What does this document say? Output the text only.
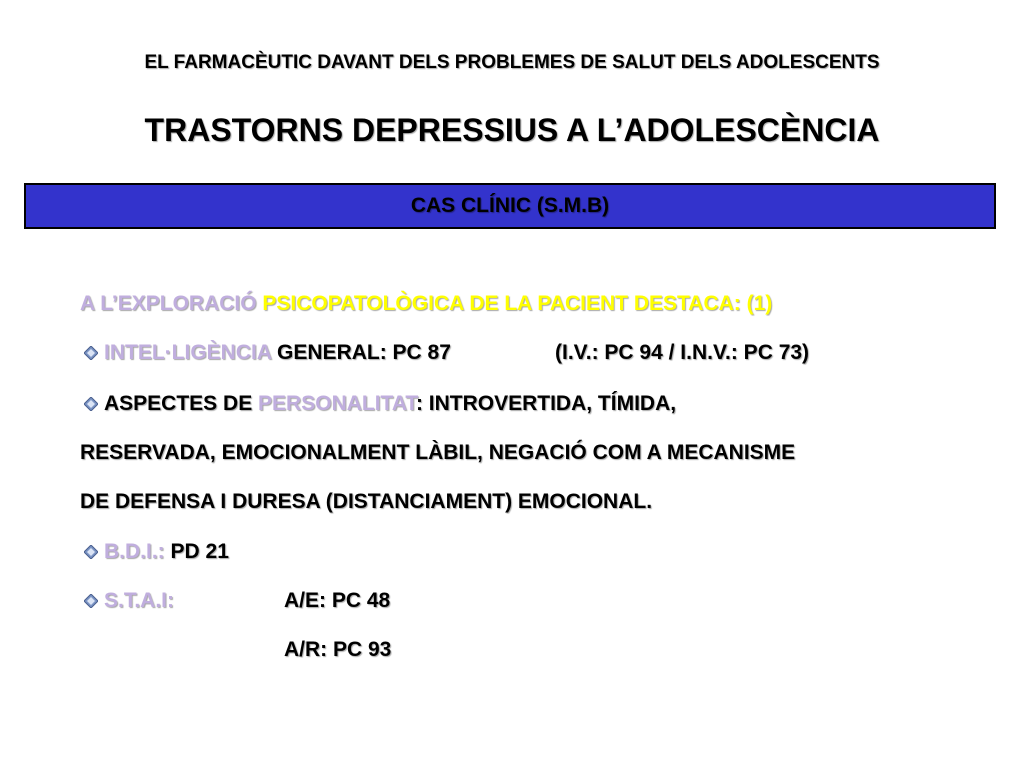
EL FARMACÈUTIC DAVANT DELS PROBLEMES DE SALUT DELS ADOLESCENTS
TRASTORNS DEPRESSIUS A L’ADOLESCÈNCIA
CAS CLÍNIC (S.M.B)
A L’EXPLORACIÓ PSICOPATOLÒGICA DE LA PACIENT DESTACA: (1)
INTEL·LIGÈNCIA GENERAL: PC 87	(I.V.: PC 94 / I.N.V.: PC 73)
ASPECTES DE PERSONALITAT: INTROVERTIDA, TÍMIDA,
RESERVADA, EMOCIONALMENT LÀBIL, NEGACIÓ COM A MECANISME
DE DEFENSA I DURESA (DISTANCIAMENT) EMOCIONAL.
B.D.I.: PD 21
S.T.A.I:	A/E: PC 48
A/R: PC 93
